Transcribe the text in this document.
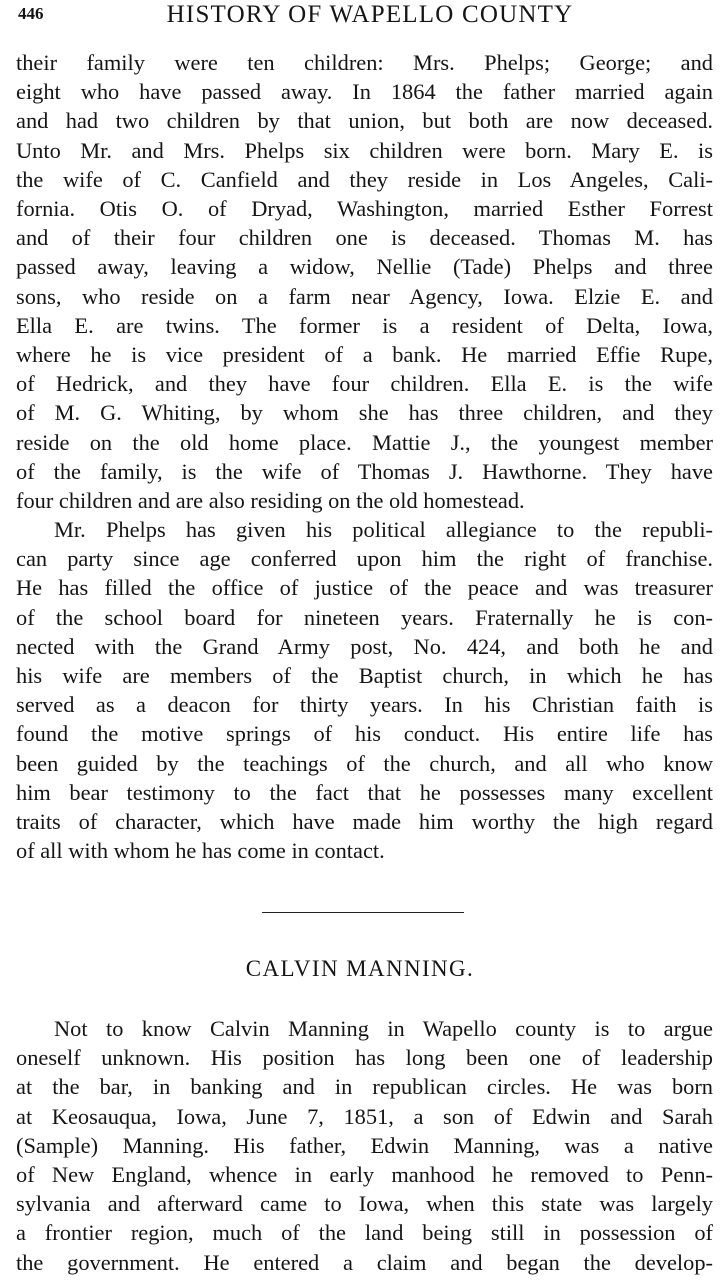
446	HISTORY OF WAPELLO COUNTY
their family were ten children: Mrs. Phelps; George; and
eight who have passed away. In 1864 the father married again
and had two children by that union, but both are now deceased.
Unto Mr. and Mrs. Phelps six children were born. Mary E. is
the wife of C. Canfield and they reside in Los Angeles, Cali-
fornia. Otis O. of Dryad, Washington, married Esther Forrest
and of their four children one is deceased. Thomas M. has
passed away, leaving a widow, Nellie (Tade) Phelps and three
sons, who reside on a farm near Agency, Iowa. Elzie E. and
Ella E. are twins. The former is a resident of Delta, Iowa,
where he is vice president of a bank. He married Effie Rupe,
of Hedrick, and they have four children. Ella E. is the wife
of M. G. Whiting, by whom she has three children, and they
reside on the old home place. Mattie J., the youngest member
of the family, is the wife of Thomas J. Hawthorne. They have
four children and are also residing on the old homestead.
Mr. Phelps has given his political allegiance to the republi-
can party since age conferred upon him the right of franchise.
He has filled the office of justice of the peace and was treasurer
of the school board for nineteen years. Fraternally he is con-
nected with the Grand Army post, No. 424, and both he and
his wife are members of the Baptist church, in which he has
served as a deacon for thirty years. In his Christian faith is
found the motive springs of his conduct. His entire life has
been guided by the teachings of the church, and all who know
him bear testimony to the fact that he possesses many excellent
traits of character, which have made him worthy the high regard
of all with whom he has come in contact.
CALVIN MANNING.
Not to know Calvin Manning in Wapello county is to argue
oneself unknown. His position has long been one of leadership
at the bar, in banking and in republican circles. He was born
at Keosauqua, Iowa, June 7, 1851, a son of Edwin and Sarah
(Sample) Manning. His father, Edwin Manning, was a native
of New England, whence in early manhood he removed to Penn-
sylvania and afterward came to Iowa, when this state was largely
a frontier region, much of the land being still in possession of
the government. He entered a claim and began the develop-
